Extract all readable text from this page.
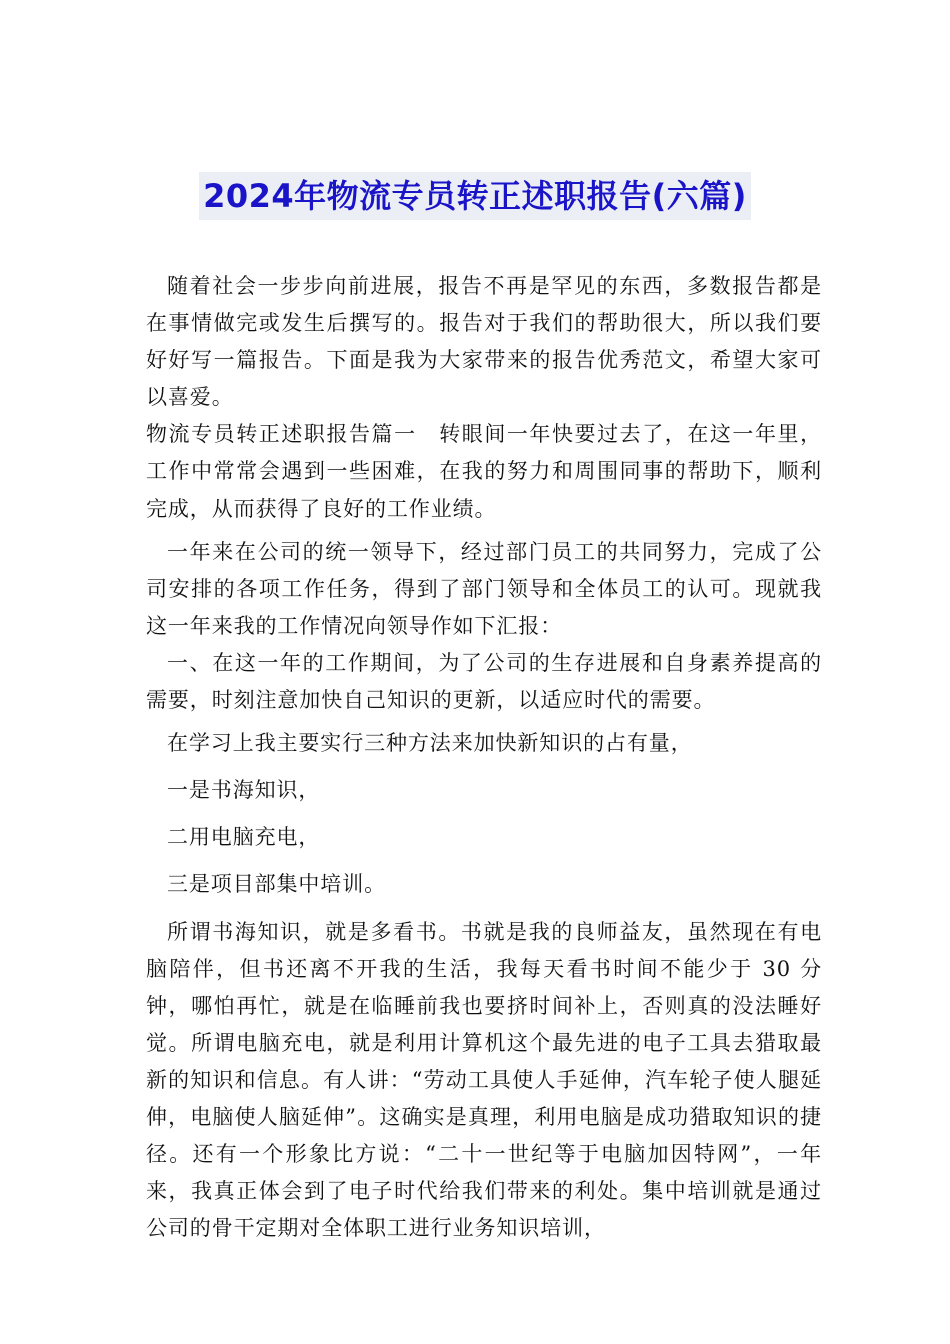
2024年物流专员转正述职报告(六篇)

随着社会一步步向前进展，报告不再是罕见的东西，多数报告都是在事情做完或发生后撰写的。报告对于我们的帮助很大，所以我们要好好写一篇报告。下面是我为大家带来的报告优秀范文，希望大家可以喜爱。

物流专员转正述职报告篇一　转眼间一年快要过去了，在这一年里，工作中常常会遇到一些困难，在我的努力和周围同事的帮助下，顺利完成，从而获得了良好的工作业绩。

一年来在公司的统一领导下，经过部门员工的共同努力，完成了公司安排的各项工作任务，得到了部门领导和全体员工的认可。现就我这一年来我的工作情况向领导作如下汇报：

一、在这一年的工作期间，为了公司的生存进展和自身素养提高的需要，时刻注意加快自己知识的更新，以适应时代的需要。

在学习上我主要实行三种方法来加快新知识的占有量，

一是书海知识，

二用电脑充电，

三是项目部集中培训。

所谓书海知识，就是多看书。书就是我的良师益友，虽然现在有电脑陪伴，但书还离不开我的生活，我每天看书时间不能少于 30 分钟，哪怕再忙，就是在临睡前我也要挤时间补上，否则真的没法睡好觉。所谓电脑充电，就是利用计算机这个最先进的电子工具去猎取最新的知识和信息。有人讲：“劳动工具使人手延伸，汽车轮子使人腿延伸，电脑使人脑延伸”。这确实是真理，利用电脑是成功猎取知识的捷径。还有一个形象比方说：“二十一世纪等于电脑加因特网”，一年来，我真正体会到了电子时代给我们带来的利处。集中培训就是通过公司的骨干定期对全体职工进行业务知识培训，
